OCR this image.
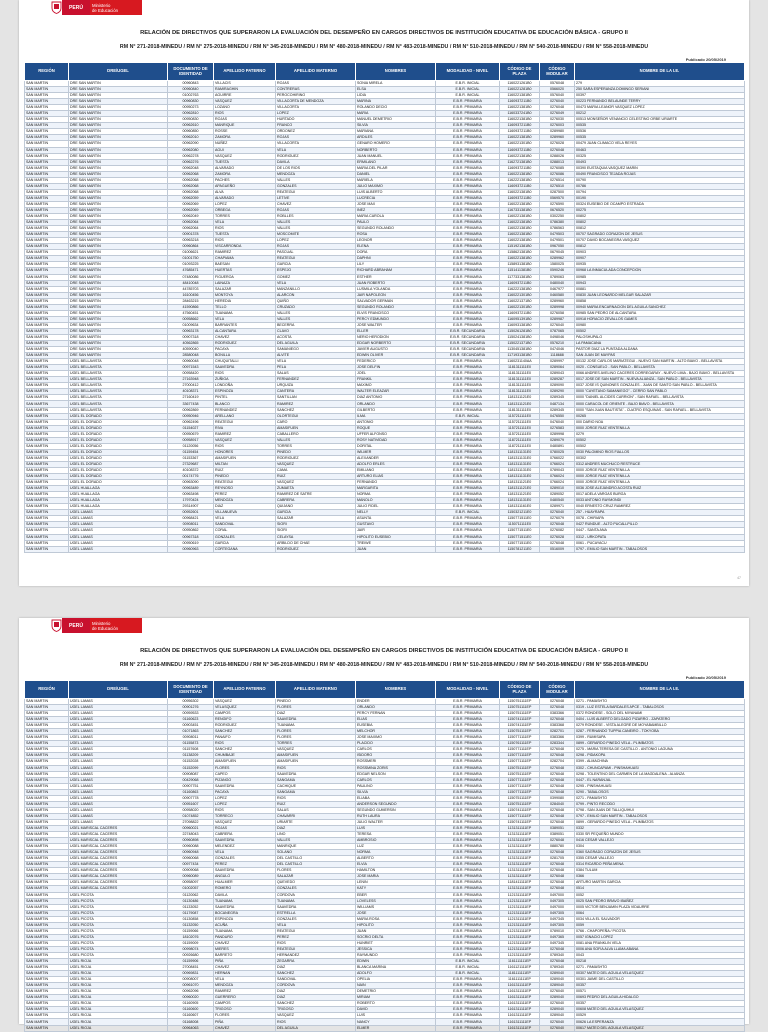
PERÚ	Ministerio
de Educación
RELACIÓN DE DIRECTIVOS QUE SUPERARON LA EVALUACIÓN DEL DESEMPEÑO EN CARGOS DIRECTIVOS DE INSTITUCIÓN EDUCATIVA DE EDUCACIÓN BÁSICA - GRUPO II
RM N° 271-2018-MINEDU / RM N° 275-2018-MINEDU / RM N° 345-2018-MINEDU / RM N° 480-2018-MINEDU / RM N° 483-2018-MINEDU / RM N° 510-2018-MINEDU / RM N° 540-2018-MINEDU / RM N° 558-2018-MINEDU
Publicado 20/05/2019
REGIÓN	DRE/UGEL	DOCUMENTO DE IDENTIDAD	APELLIDO PATERNO	APELLIDO MATERNO	NOMBRES	MODALIDAD - NIVEL	CÓDIGO DE PLAZA	CÓDIGO MODULAR	NOMBRE DE LA I.E.
SAN MARTIN	DRE SAN MARTIN	00960843	VILLACIS	ROJAS	SONIA MIRELA	E.B.R. INICIAL	1160221261B0	0576048	279
SAN MARTIN	DRE SAN MARTIN	00960840	RAMIRAGHIN	CONTRERAS	ELSA	E.B.R. INICIAL	1160221281B0	0566020	250 SARA ESPERANZA DOMINGO SERIANI
SAN MARTIN	DRE SAN MARTIN	01002763	AGUIRRE	PEROCOHIRINO	LIDIA	E.B.R. INICIAL	1160221381B0	0576040	00397
SAN MARTIN	DRE SAN MARTIN	00960830	VASQUEZ	VILLACORTA DE MENDOZA	MARINA	E.B.R. PRIMARIA	1160937211B0	0276040	00223 FERNANDO BELAUNDE TERRY
SAN MARTIN	DRE SAN MARTIN	00950273	LOZANO	VILLACORTA	ROLANDO DECIO	E.B.R. PRIMARIA	1160221381B0	0276048	00473 MARIA LEANOR VASQUEZ LOPEZ
SAN MARTIN	DRE SAN MARTIN	00962810	RIOS	LOPEZ	MARIA	E.B.R. PRIMARIA	1160337241B0	0276049	00212
SAN MARTIN	DRE SAN MARTIN	00950830	ROJAS	HURTADO	MANUEL DEMETRIO	E.B.R. PRIMARIA	1160221381B0	0276030	00513 MONSEÑOR VENANCIO CELESTINO ORBE URIARTE
SAN MARTIN	DRE SAN MARTIN	00962610	MANRIQUE	FRANCO	SILVIA	E.B.R. PRIMARIA	1160937211B0	0276003	00535
SAN MARTIN	DRE SAN MARTIN	00960850	ROSSE	ORDONEZ	MARIANA	E.B.R. PRIMARIA	1160937211B0	0289980	00536
SAN MARTIN	DRE SAN MARTIN	00962010	ZAMORA	ROJAS	ARDILES	E.B.R. PRIMARIA	1160221381B0	0289960	00535
SAN MARTIN	DRE SAN MARTIN	00962090	NUÑEZ	VILLACORTA	GENARO HOMERO	E.B.R. PRIMARIA	1160221301B0	0276028	00479 JUAN CLIMACO VELA REYES
SAN MARTIN	DRE SAN MARTIN	00962080	AGUI	VELA	NORBERTO	E.B.R. PRIMARIA	1160937211B0	0276048	00463
SAN MARTIN	DRE SAN MARTIN	00962278	VASQUEZ	RODRIGUEZ	JUAN MANUEL	E.B.R. PRIMARIA	1160221381B0	0288026	00325
SAN MARTIN	DRE SAN MARTIN	00962276	TUESTA	DAVILA	ERMILANO	E.B.R. PRIMARIA	1162721381B0	0288013	00493
SAN MARTIN	DRE SAN MARTIN	00962048	ALVARADO	DE LOS RIOS	MARIA DEL PILAR	E.B.R. PRIMARIA	1160937211B0	0276085	00390 EUSTAQUIA VASQUEZ MARIN
SAN MARTIN	DRE SAN MARTIN	00962068	ZAMORA	MENDOZA	DANIEL	E.B.R. PRIMARIA	1160221381B0	0276086	00490 FRANCISCO TEJADA ROJAS
SAN MARTIN	DRE SAN MARTIN	00962068	PACHES	VALLES	MARIELA	E.B.R. PRIMARIA	1162221381B0	0276514	00790
SAN MARTIN	DRE SAN MARTIN	00962068	APAGUEÑO	GONZALES	JULIO MAXIMO	E.B.R. PRIMARIA	1160937211B0	0276510	00786
SAN MARTIN	DRE SAN MARTIN	00962068	ALVA	REATEGUI	LUIS ALBERTO	E.B.R. PRIMARIA	1160221381B0	0287500	00794
SAN MARTIN	DRE SAN MARTIN	00962059	ALVARADO	LETIVE	LUCRECIA	E.B.R. PRIMARIA	1160937211B0	0569570	00190
SAN MARTIN	DRE SAN MARTIN	00962069	LOPEZ	CHAVEZ	JOSE MAX	E.B.R. PRIMARIA	1160221381B0	0276590	00324 EUSEBIO DE OCAMPO ESTRADA
SAN MARTIN	DRE SAN MARTIN	00962069	ORBEGA	ROJAS	INEZ	E.B.R. PRIMARIA	1167331381B0	0676520	00275
SAN MARTIN	DRE SAN MARTIN	00962049	TORRES	ROBLLES	MARIA CAROLA	E.B.R. PRIMARIA	1160221381B0	0302250	00802
SAN MARTIN	DRE SAN MARTIN	00962064	VELA	VALLES	PAULO	E.B.R. PRIMARIA	1160221381B0	0786380	00802
SAN MARTIN	DRE SAN MARTIN	00962064	RIOS	VALLES	SEGUNDO ROLANDO	E.B.R. PRIMARIA	1160221381B0	0786563	00812
SAN MARTIN	DRE SAN MARTIN	00901378	TUESTA	MOSCOMITE	ROSA	E.B.R. PRIMARIA	1160221381B0	0479503	00707 SAGRADO CORAZON DE JESUS
SAN MARTIN	DRE SAN MARTIN	00963218	RIOS	LOPEZ	LEONOR	E.B.R. PRIMARIA	1160221381B0	0479501	00707 DAVID BOCANEGRA VASQUEZ
SAN MARTIN	DRE SAN MARTIN	00960864	VISCARRONDA	ROJAS	ELENA	E.B.R. PRIMARIA	1151921381B0	0967050	00812
SAN MARTIN	DRE SAN MARTIN	01006621	RAMIREZ	PASCUAL	DORA	E.B.R. PRIMARIA	1158621381B0	0679045	00903
SAN MARTIN	DRE SAN MARTIN	01001750	CHAPIAMA	REATEGUI	DAPHNI	E.B.R. PRIMARIA	1160221381B0	0289962	00907
SAN MARTIN	DRE SAN MARTIN	01093225	BAESAN	GARCIA	LILY	E.B.R. PRIMARIA	1158931381B0	1580025	00935
SAN MARTIN	DRE SAN MARTIN	47685471	HUERTAS	ESPEJO	RICHARD ABRAHAM	E.B.R. PRIMARIA	1151411381B0	0590246	00968 LA INMACULADA CONCEPCION
SAN MARTIN	DRE SAN MARTIN	07480086	FIGUEROA	GOMEZ	ESTHER	E.B.R. PRIMARIA	1177331381B0	0789063	00985
SAN MARTIN	DRE SAN MARTIN	48410048	LAINAZA	VELA	JUAN ROBERTO	E.B.R. PRIMARIA	1160937211B0	0480040	00943
SAN MARTIN	DRE SAN MARTIN	44785703	SALAZAR	MANZANILLO	LUSMILA YOLANDA	E.B.R. PRIMARIA	1162221381B0	0467977	00881
SAN MARTIN	DRE SAN MARTIN	16100456	MONTOYA	ALARCON	JAIR NAPOLEON	E.B.R. PRIMARIA	1160221301B0	0460580	00830 JUAN LEONARDO MELGAR SALAZAR
SAN MARTIN	DRE SAN MARTIN	28463215	HEREDIA	QUIÑO	SALVADOR GERMAN	E.B.R. PRIMARIA	1160221371B0	0289960	00858
SAN MARTIN	DRE SAN MARTIN	41590866	TELLO	CRUZADO	SEGUNDO ROLANDO	E.B.R. PRIMARIA	1160221301B0	0289998	00940 MARIA ENCARNACION DEL AGUILA SANCHEZ
SAN MARTIN	DRE SAN MARTIN	47560451	TUANAMA	VALLES	ELVIS FRANCISCO	E.B.R. PRIMARIA	1160937211B0	0276058	00985 SAN PEDRO DE ALCANTARA
SAN MARTIN	DRE SAN MARTIN	00958662	VELA	VALLES	PERCY EDMUNDO	E.B.R. PRIMARIA	1160951391B0	0289987	00918 HORACIO ZEVALLOS GAMES
SAN MARTIN	DRE SAN MARTIN	01009634	BARRANTES	BECERRA	JOSE WALTER	E.B.R. PRIMARIA	1160931381B0	0276040	00980
SAN MARTIN	DRE SAN MARTIN	00963178	ALCANTARA	CLAVO	ELLER	E.B.R. SECUNDARIA	1150261281B0	0787065	00502
SAN MARTIN	DRE SAN MARTIN	00907318	CHAVEZ	ACOSTA	NERIO HERODION	E.B.R. SECUNDARIA	1150241381B0	0498046	PALOSHUPALO
SAN MARTIN	DRE SAN MARTIN	40562865	RODRIGUEZ	DEL AGUILA	EDGAR NORBERTO	E.B.R. SECUNDARIA	1150221371B0	0576210	LA PAMACANA
SAN MARTIN	DRE SAN MARTIN	40590040	PACAYA	SAMANIEGO	JAVIER AUGUSTO	E.B.R. SECUNDARIA	1130451381B0	0474046	PASTOR DIAZ LA PUNTADA ALDANA
SAN MARTIN	DRE SAN MARTIN	28580048	BONILLA	ALVITE	EDWIN OLIVER	E.B.R. SECUNDARIA	1171931381B0	1118688	SAN JUAN DE MAYPAS
SAN MARTIN	UGEL BELLAVISTA	00960048	CHUQUITALLI	VELA	FEDERICO	E.B.R. PRIMARIA	1160231140AA	0289997	00132 JOSE CARLOS MARIATEGUI - NUEVO SAN MARTIN - ALTO BIAVO - BELLAVISTA
SAN MARTIN	UGEL BELLAVISTA	00971543	SAAVEDRA	PELA	JOSE DELFIN	E.B.R. PRIMARIA	1181311111E0	0289064	0020 - CONSUELO - SAN PABLO - BELLAVISTA
SAN MARTIN	UGEL BELLAVISTA	00958420	RIOS	SALAS	JOEL	E.B.R. PRIMARIA	1181311111E0	0289043	0066 ANDRES AVELINO CACERES DORREGARAY - NUEVO LIMA - BAJO BIAVO - BELLAVISTA
SAN MARTIN	UGEL BELLAVISTA	27163948	ZUÑIGA	FERNANDEZ	FRANKIL	E.B.R. PRIMARIA	1181311111E0	0289287	0017 JOSE DE SAN MARTIN - NUEVA ALIANZA - SAN PABLO - BELLAVISTA
SAN MARTIN	UGEL BELLAVISTA	27000412	LONDOÑA	URQUIZA	MAXIMO	E.B.R. PRIMARIA	1181311111E0	0289090	0037 JOSE IS QUINONES GONZALES - JUAN DE SANTO SAN PABLO - BELLAVISTA
SAN MARTIN	UGEL BELLAVISTA	40108371	ESPINOZA	CANTERA	WALTER ELEAZAR	E.B.R. PRIMARIA	1181311111E0	0289290	0000 "CAYETANO SAMANIEGO" - CERRO SAN PABLO
SAN MARTIN	UGEL BELLAVISTA	27160419	PINTEL	SANTILLAN	DIAZ ANTONIO	E.B.R. PRIMARIA	1181311121E0	0289345	0000 "DANIEL ALCIDES CARRION" - SAN RAFAEL - BELLAVISTA
SAN MARTIN	UGEL BELLAVISTA	33677438	BLANCO	RAMIREZ	ORLANDO	E.B.R. PRIMARIA	1181311121E0	0487134	0000 CARACOL DE ORIENTE - BAJO BIAVO - BELLAVISTA
SAN MARTIN	UGEL BELLAVISTA	00962869	FERNANDEZ	SANCHEZ	GILBERTO	E.B.R. PRIMARIA	1181311111E0	0289345	0000 "SAN JUAN BAUTISTA" - CUATRO ESQUINAS - SAN RAFAEL - BELLAVISTA
SAN MARTIN	UGEL EL DORADO	00950946	ARELLANO	OLORTEGUI	ILMA	E.B.R. INICIAL	1157211111E0	0476550	00265
SAN MARTIN	UGEL EL DORADO	00962496	REATEGUI	CARO	ANTONIO	E.B.R. PRIMARIA	1157211111E0	0476040	000 DARIO NOA
SAN MARTIN	UGEL EL DORADO	01154027	RIVA	AMASIFUEN	ROQUE	E.B.R. PRIMARIA	1157211111E0	0276583	0000 JORGE RUIZ VENTENILLA
SAN MARTIN	UGEL EL DORADO	00950679	RAMIREZ	CABALLERO	UFFER ALFONSO	E.B.R. PRIMARIA	1157211111E0	0289998	0279
SAN MARTIN	UGEL EL DORADO	00958917	VASQUEZ	VALLES	ROSY NATIVIDAD	E.B.R. PRIMARIA	1187211111E0	0289079	00502
SAN MARTIN	UGEL EL DORADO	01120056	RIOS	TORRES	DORITAL	E.B.R. PRIMARIA	1187211111E0	0480891	00502
SAN MARTIN	UGEL EL DORADO	01159454	HONORES	PINEDO	WILMER	E.B.R. PRIMARIA	1181311131E0	0780025	0030 PALOMINO RIOS FIALLOS
SAN MARTIN	UGEL EL DORADO	01153367	AMASIFUEN	RODRIGUEZ	ALEXANDER	E.B.R. PRIMARIA	1181311131E0	0766022	00302
SAN MARTIN	UGEL EL DORADO	27329687	MILTAN	VASQUEZ	ADOLFO ERLES	E.B.R. PRIMARIA	1181311131E0	0766024	0312 ANDRES MUCHUCO RESTRUCE
SAN MARTIN	UGEL EL DORADO	40108372	RUIZ	CAMA	EMILIANO	E.B.R. PRIMARIA	1181311131E0	0789043	0000 JORGE RUIZ VENTENILLA
SAN MARTIN	UGEL EL DORADO	00174776	PINEDO	RUIZ	ARTURO ELIAS	E.B.R. PRIMARIA	1181311131E0	0766024	0000 JORGE RUIZ VENTENILLA
SAN MARTIN	UGEL EL DORADO	00963090	REATEGUI	VASQUEZ	FERNANDO	E.B.R. PRIMARIA	1181311121E0	0766024	0000 JORGE RUIZ VENTENILLA
SAN MARTIN	UGEL HUALLAGA	00963489	REYNOSO	ZUMAETA	MARGARITA	E.B.R. PRIMARIA	1181311121E0	0289010	0036 JOSE ALEJANDRO ACOSTA RUIZ
SAN MARTIN	UGEL HUALLAGA	00963498	PEREZ	RAMIREZ DE SATRE	NORMA	E.B.R. PRIMARIA	1181311121E0	0289052	0017 ADELA VARGAS BURGA
SAN MARTIN	UGEL HUALLAGA	17970424	MENDOZA	CABRERA	MANOLO	E.B.R. PRIMARIA	1181311131E0	0480540	0033 ANTONIO RAYMONDI
SAN MARTIN	UGEL HUALLAGA	29314907	DIAZ	QUIJANO	JULIO FIDEL	E.B.R. PRIMARIA	1181311161E0	0289971	0040 ERNESTO CRUZ RAMIREZ
SAN MARTIN	UGEL LAMAS	00952601	VILLANUEVA	GARCIA	NELLY	E.B.R. INICIAL	1150321211E0	0276040	257 - HUAYRAPA
SAN MARTIN	UGEL LAMAS	00968421	VELA	SALAZAR	ASUNTA	E.B.R. PRIMARIA	1150771511E0	0276079	0078 - CHIRIAPA
SAN MARTIN	UGEL LAMAS	00908011	SANDOVAL	SIORI	GUSTAVO	E.B.R. PRIMARIA	1150711111E0	0276048	0427 RUNDUE - ALTO PUCALLPILLO
SAN MARTIN	UGEL LAMAS	00950862	CORAL	SIORI	JAIR	E.B.R. PRIMARIA	1150771511E0	0276082	0447 - SANTA ANA
SAN MARTIN	UGEL LAMAS	00967318	GONZALES	CELAYSA	HIPOLITO EUSEBIO	E.B.R. PRIMARIA	1150771511E0	0276028	0312 - URKOPATA
SAN MARTIN	UGEL LAMAS	00950619	GARCIA	ARBILDO DE CHAE	TREIWE	E.B.R. PRIMARIA	1150771511E0	0276048	0061 - PUCAYACU
SAN MARTIN	UGEL LAMAS	00960963	CORTEGANA	RODRIGUEZ	JUAN	E.B.R. PRIMARIA	1150781211E0	0516009	0797 - EMILIO SAN MARTIN - TABALOSOS
47
PERÚ	Ministerio
de Educación
RELACIÓN DE DIRECTIVOS QUE SUPERARON LA EVALUACIÓN DEL DESEMPEÑO EN CARGOS DIRECTIVOS DE INSTITUCIÓN EDUCATIVA DE EDUCACIÓN BÁSICA - GRUPO II
RM N° 271-2018-MINEDU / RM N° 275-2018-MINEDU / RM N° 345-2018-MINEDU / RM N° 480-2018-MINEDU / RM N° 483-2018-MINEDU / RM N° 510-2018-MINEDU / RM N° 540-2018-MINEDU / RM N° 558-2018-MINEDU
Publicado 20/05/2019
REGIÓN	DRE/UGEL	DOCUMENTO DE IDENTIDAD	APELLIDO PATERNO	APELLIDO MATERNO	NOMBRES	MODALIDAD - NIVEL	CÓDIGO DE PLAZA	CÓDIGO MODULAR	NOMBRE DE LA I.E.
SAN MARTIN	UGEL LAMAS	00956302	VASQUEZ	PINEDO	ENDER	E.B.R. PRIMARIA	1150751111EP	0276048	0271 - PAMASHTO
SAN MARTIN	UGEL LAMAS	00901276	VELASQUEZ	FLORES	ORLANDO	E.B.R. PRIMARIA	1150751111EP	0276048	0319 - LUZ ESTELA BARDALES APCE - TABALOSOS
SAN MARTIN	UGEL LAMAS	00959533	CAMPOS	DIAZ	PERCY FERNAN	E.B.R. PRIMARIA	1150751111EP	0383366	0372 RONDESE - SOLO DEL MIYANAMI
SAN MARTIN	UGEL LAMAS	01160623	RENGIFO	SAAVEDRA	ELIAS	E.B.R. PRIMARIA	1150741111EP	0276048	0404 - LUIS ALBERTO DELGADO PIZARRO - ZAPATERO
SAN MARTIN	UGEL LAMAS	00903451	RODRIGUEZ	TUANAMA	EUSEBIA	E.B.R. PRIMARIA	1150741111EP	0383368	0279 RONDESE - VISTA ALEGRE DE MOYABAMBILLO
SAN MARTIN	UGEL LAMAS	01071863	SANCHEZ	FLORES	MELCHOR	E.B.R. PRIMARIA	1150751111EP	0282701	0287 - FERNANDO TUPPIA CANEIRO - TOKYOBA
SAN MARTIN	UGEL LAMAS	00908011	PANAIFO	FLORES	JOSE MAXIMO	E.B.R. PRIMARIA	1150771111EP	0383366	0399 - RUMISAPA
SAN MARTIN	UGEL LAMAS	01155873	RIOS	TORRES	PLACIDO	E.B.R. PRIMARIA	1150761111EP	0283344	0899 - GERARDO PINEDO VELA - PLIMBATOS
SAN MARTIN	UGEL LAMAS	01157608	SANCHEZ	VASQUEZ	CARLOS	E.B.R. PRIMARIA	1150771111EP	0276048	0275 - MARIA TERESA DE CASTILLO - ANTONIO LAGUNA
SAN MARTIN	UGEL LAMAS	01138209	CHUMBAJE	AMASIFUEN	ISIDORO	E.B.R. PRIMARIA	1150771111EP	0276048	0298 - PIDAKOPA
SAN MARTIN	UGEL LAMAS	01152028	AMASIFUEN	AMASIFUEN	ROSSMERI	E.B.R. PRIMARIA	1150771111EP	0282704	0399 - ALMACHINA
SAN MARTIN	UGEL LAMAS	01152099	FLORES	RIOS	ROSSMINA ZORIS	E.B.R. PRIMARIA	1150751111EP	0276048	0302 - CHUNCAPAMI - PINSHAHUASI
SAN MARTIN	UGEL LAMAS	00908087	CAPEO	SAAVEDRA	EDGAR NELSON	E.B.R. PRIMARIA	1150751111EP	0276048	0298 - TOLENTINO DEL CARMEN DE LA MAGDALENA - ALIANZA
SAN MARTIN	UGEL LAMAS	00429068	PIZANGO	SANGAMA	CARLOS	E.B.R. PRIMARIA	1150771111EP	0276048	0447 - EL NARANJAL
SAN MARTIN	UGEL LAMAS	00907751	SAAVEDRA	CACHIQUE	PAULINO	E.B.R. PRIMARIA	1150771111EP	0276048	0295 - PINSHAHUASI
SAN MARTIN	UGEL LAMAS	01160863	PACAYA	SANGAMA	SILVIA	E.B.R. PRIMARIA	1150771111EP	0276048	0290 - TABALOSOS
SAN MARTIN	UGEL LAMAS	00907778	LOPEZ	RIOS	ELIABA	E.B.R. PRIMARIA	1150751111EP	0399080	0271 - PAMASHTO
SAN MARTIN	UGEL LAMAS	00951607	LOPEZ	RUIZ	ANDERSON SEGUNDO	E.B.R. PRIMARIA	1150751111EP	0284040	0799 - PINTO RECODO
SAN MARTIN	UGEL LAMAS	00958020	RIOS	SALAS	SEGUNDO GUMERSIN	E.B.R. PRIMARIA	1150741111EP	0276048	0798 - SAN JUAN DE TALLIQUIHUI
SAN MARTIN	UGEL LAMAS	01074852	TORRECO	CHAVARRI	RUTH LAURA	E.B.R. PRIMARIA	1150771111EP	0276048	0797 - EMILIO SAN MARTIN - TABALOSOS
SAN MARTIN	UGEL LAMAS	27098822	VASQUEZ	URIARTE	JULIO WALTER	E.B.R. PRIMARIA	1150741111EP	0276048	0899 - GERARDO PINEDO VELA - PLIMBATOS
SAN MARTIN	UGEL MARISCAL CACERES	00960021	ROJAS	DIAZ	LUIS	E.B.R. PRIMARIA	1131311111EP	0389051	0332
SAN MARTIN	UGEL MARISCAL CACERES	22748043	CABRERA	LINO	TERESA	E.B.R. PRIMARIA	1131311111EP	0389051	0330 SR PEQUEÑO MUNDO
SAN MARTIN	UGEL MARISCAL CACERES	00960898	SAAVEDRA	VALLES	AMBROSIO	E.B.R. PRIMARIA	1131311111EP	0276048	0416 CESAR VALLEJO
SAN MARTIN	UGEL MARISCAL CACERES	00960088	MELENDEZ	MANRIQUE	LUZ	E.B.R. PRIMARIA	1131311111EP	0880780	0304
SAN MARTIN	UGEL MARISCAL CACERES	00960948	VELA	SOLANO	NORMA	E.B.R. PRIMARIA	1131311111EP	0276048	0360 SAGRADO CORAZON DE JESUS
SAN MARTIN	UGEL MARISCAL CACERES	00960068	GONZALES	DEL CASTILLO	ALBERTO	E.B.R. PRIMARIA	1131311111EP	0281705	0355 CESAR VALLEJO
SAN MARTIN	UGEL MARISCAL CACERES	00977434	PEREZ	DEL CASTILLO	ELVIA	E.B.R. PRIMARIA	1131311111EP	0276048	0314 RICARDO PEÑA MENA
SAN MARTIN	UGEL MARISCAL CACERES	00909068	SAAVEDRA	FLORES	HAMILTON	E.B.R. PRIMARIA	1131311111EP	0276048	0384 TULUM
SAN MARTIN	UGEL MARISCAL CACERES	00960089	ANGULO	SALAZAR	JOSE MARIA	E.B.R. PRIMARIA	1131311111EP	0276048	0366
SAN MARTIN	UGEL MARISCAL CACERES	00958097	HUALMER	QUEVEDO	LENIN	E.B.R. PRIMARIA	1181411111EP	0276048	ARTURO MARTIN GARCIA
SAN MARTIN	UGEL MARISCAL CACERES	01002057	ROMERO	GONZALES	KATY	E.B.R. PRIMARIA	1131311111EP	0276048	0514
SAN MARTIN	UGEL PICOTA	01120062	DAVILA	CORDOVA	EBER	E.B.R. PRIMARIA	1121311111EP	0497000	0052
SAN MARTIN	UGEL PICOTA	01130486	TUANAMA	TUANAMA	LOVELESS	E.B.R. PRIMARIA	1121311111EP	0497305	0025 SAN PEDRO BRAVO IBAÑEZ
SAN MARTIN	UGEL PICOTA	01133052	SAAVEDRA	SAAVEDRA	WILLIAMS	E.B.R. PRIMARIA	1121311111EP	0497000	0005 VICTOR BENJAMIN PLAZA VIDAURRE
SAN MARTIN	UGEL PICOTA	01179087	BOCANEGRA	ESTRELLA	JOSE	E.B.R. PRIMARIA	1121311111EP	0497305	0064
SAN MARTIN	UGEL PICOTA	01130858	ESPINOZA	GONZALES	MARIA ROSA	E.B.R. PRIMARIA	1121311111EP	0497345	0034 VILLA EL SALVADOR
SAN MARTIN	UGEL PICOTA	01132050	ACUÑA	VELA	HIPOLITO	E.B.R. PRIMARIA	1121311111EP	0497305	0059
SAN MARTIN	UGEL PICOTA	01159066	TUANAMA	REATEGUI	JUAN	E.B.R. PRIMARIA	1121311111EP	0789010	0766 - CHAPOPEÑA / PICOTA
SAN MARTIN	UGEL PICOTA	18102076	PANDURO	PEREZ	SOCRIO DELTA	E.B.R. PRIMARIA	1121311111EP	0497365	0057 IGNACIO LOPEZ
SAN MARTIN	UGEL PICOTA	01159009	CHAVEZ	RIOS	HUNRIET	E.B.R. PRIMARIA	1121311111EP	0497345	0081 ANA FRANKLIN VELA
SAN MARTIN	UGEL PICOTA	00998074	MIERES	REATEGUI	JESSICA	E.B.R. PRIMARIA	1121311111EP	0276048	0006 ANA SOFIA ALVA LLAMA ABANA
SAN MARTIN	UGEL PICOTA	00926680	BARRETO	HERNANDEZ	RAYMUNDO	E.B.R. PRIMARIA	1121311111EP	0789340	0043
SAN MARTIN	UGEL RIOJA	01159906	PIÑA	ZEGARRA	EDWIN	E.B.R. INICIAL	1161111111EP	0276048	00218
SAN MARTIN	UGEL RIOJA	27008451	CHAVEZ	DIAZ	BLANCA MARINA	E.B.R. INICIAL	1161121111EP	0789340	0271 - PAMASHTO
SAN MARTIN	UGEL RIOJA	00969831	HERNAN	SANCHEZ	ADOLFO	E.B.R. INICIAL	1181111111EP	0289040	00307 MATEO DEL AGUILA VELASQUEZ
SAN MARTIN	UGEL RIOJA	00908007	VELA	SANDOVAL	OPELIA	E.B.R. PRIMARIA	1161111111EP	0289040	00301 JAIME DEL CASTILLO
SAN MARTIN	UGEL RIOJA	00961070	MENDOZA	CORDOVA	NAIN	E.B.R. PRIMARIA	1161311111EP	0289040	00357
SAN MARTIN	UGEL RIOJA	00962096	RAMIREZ	DIAZ	DEMETRIO	E.B.R. PRIMARIA	1161311111EP	0276040	00571
SAN MARTIN	UGEL RIOJA	00960020	GUERRERO	DIAZ	MIRIAM	E.B.R. PRIMARIA	1161311111EP	0289040	00693 PEDRO DEL AGUILA HIDALGO
SAN MARTIN	UGEL RIOJA	01160905	CAMPOS	SANCHEZ	ROBERTO	E.B.R. PRIMARIA	1161311111EP	0276040	00357
SAN MARTIN	UGEL RIOJA	01160600	TRIGOSO	TRIGOSO	DAVID	E.B.R. PRIMARIA	1161311111EP	0289040	00608 MATEO DEL AGUILA VELASQUEZ
SAN MARTIN	UGEL RIOJA	01160607	FLORES	VASQUEZ	LUIS	E.B.R. PRIMARIA	1161311111EP	0289040	00529
SAN MARTIN	UGEL RIOJA	01168008	PIÑA	RIOS	NANCY	E.B.R. PRIMARIA	1161311111EP	0276040	00626 LA ESPERANZA
SAN MARTIN	UGEL RIOJA	00964063	CHAVEZ	DEL AGUILA	ELMER	E.B.R. PRIMARIA	1161311111EP	0276040	00617 MATEO DEL AGUILA VELASQUEZ
